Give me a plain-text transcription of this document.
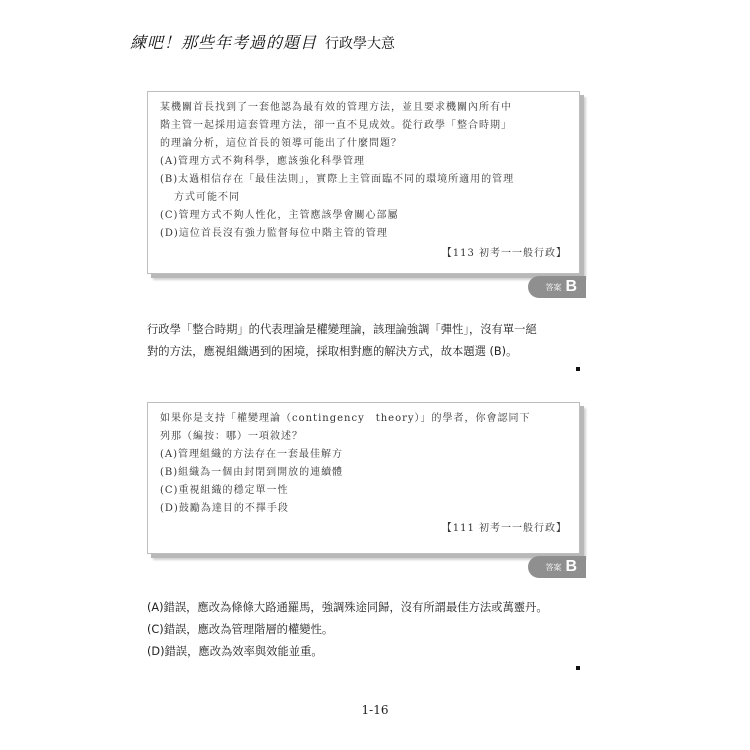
練吧！那些年考過的題目 行政學大意

某機關首長找到了一套他認為最有效的管理方法，並且要求機關內所有中

階主管一起採用這套管理方法，卻一直不見成效。從行政學「整合時期」

的理論分析，這位首長的領導可能出了什麼問題？

(A)管理方式不夠科學，應該強化科學管理

(B)太過相信存在「最佳法則」，實際上主管面臨不同的環境所適用的管理

方式可能不同

(C)管理方式不夠人性化，主管應該學會關心部屬

(D)這位首長沒有強力監督每位中階主管的管理

【113 初考一一般行政】

答案 B

行政學「整合時期」的代表理論是權變理論，該理論強調「彈性」，沒有單一絕

對的方法，應視組織遇到的困境，採取相對應的解決方式，故本題選 (B)。

如果你是支持「權變理論（contingency　theory）」的學者，你會認同下

列那（編按：哪）一項敘述？

(A)管理組織的方法存在一套最佳解方

(B)組織為一個由封閉到開放的連續體

(C)重視組織的穩定單一性

(D)鼓勵為達目的不擇手段

【111 初考一一般行政】

答案 B

(A)錯誤，應改為條條大路通羅馬，強調殊途同歸，沒有所謂最佳方法或萬靈丹。

(C)錯誤，應改為管理階層的權變性。

(D)錯誤，應改為效率與效能並重。

1-16
